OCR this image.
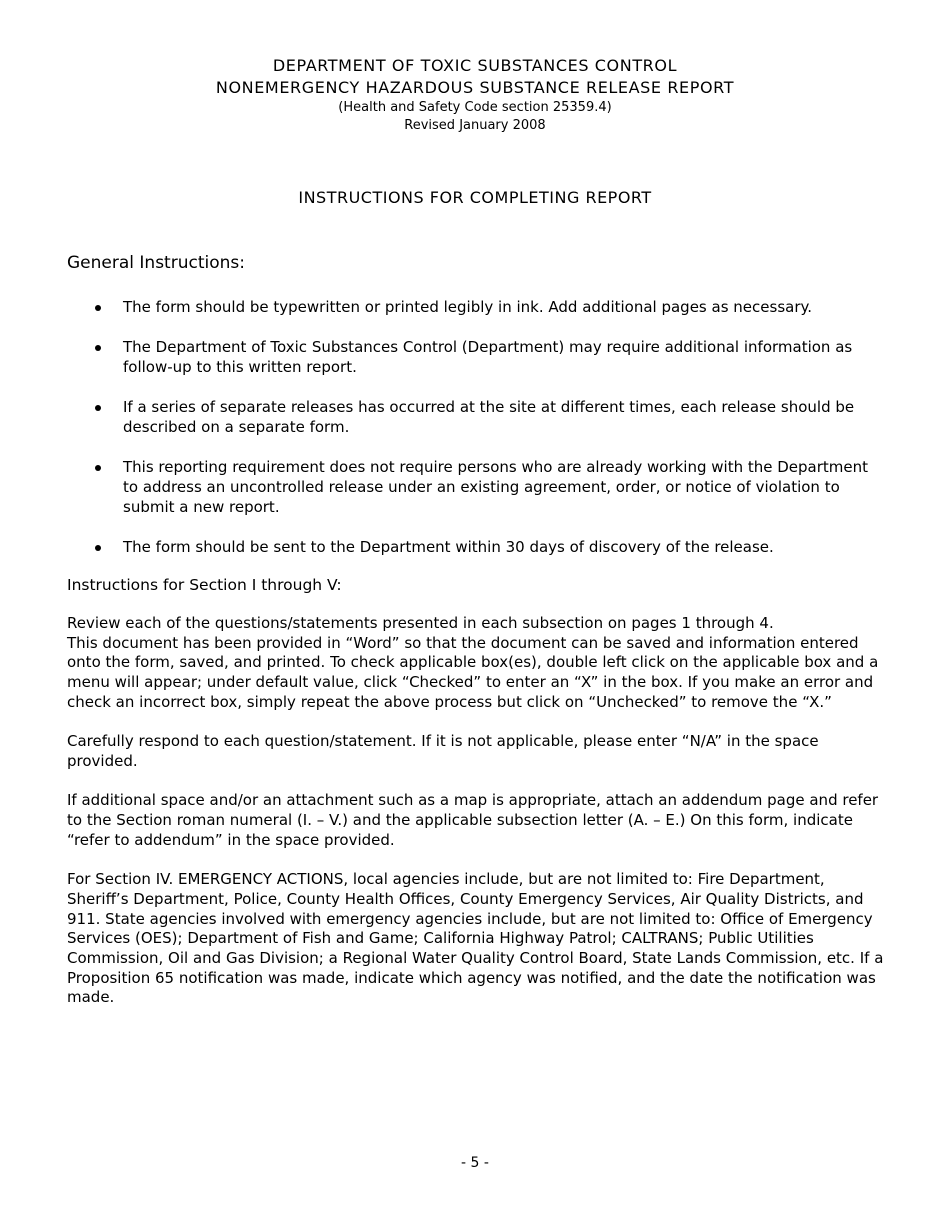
DEPARTMENT OF TOXIC SUBSTANCES CONTROL
NONEMERGENCY HAZARDOUS SUBSTANCE RELEASE REPORT
(Health and Safety Code section 25359.4)
Revised January 2008
INSTRUCTIONS FOR COMPLETING REPORT
General Instructions:
The form should be typewritten or printed legibly in ink. Add additional pages as necessary.
The Department of Toxic Substances Control (Department) may require additional information as follow-up to this written report.
If a series of separate releases has occurred at the site at different times, each release should be described on a separate form.
This reporting requirement does not require persons who are already working with the Department to address an uncontrolled release under an existing agreement, order, or notice of violation to submit a new report.
The form should be sent to the Department within 30 days of discovery of the release.
Instructions for Section I through V:

Review each of the questions/statements presented in each subsection on pages 1 through 4.

This document has been provided in “Word” so that the document can be saved and information entered onto the form, saved, and printed. To check applicable box(es), double left click on the applicable box and a menu will appear; under default value, click “Checked” to enter an “X” in the box. If you make an error and check an incorrect box, simply repeat the above process but click on “Unchecked” to remove the “X.”

Carefully respond to each question/statement. If it is not applicable, please enter “N/A” in the space provided.

If additional space and/or an attachment such as a map is appropriate, attach an addendum page and refer to the Section roman numeral (I. – V.) and the applicable subsection letter (A. – E.) On this form, indicate “refer to addendum” in the space provided.

For Section IV. EMERGENCY ACTIONS, local agencies include, but are not limited to: Fire Department, Sheriff’s Department, Police, County Health Offices, County Emergency Services, Air Quality Districts, and 911. State agencies involved with emergency agencies include, but are not limited to: Office of Emergency Services (OES); Department of Fish and Game; California Highway Patrol; CALTRANS; Public Utilities Commission, Oil and Gas Division; a Regional Water Quality Control Board, State Lands Commission, etc. If a Proposition 65 notification was made, indicate which agency was notified, and the date the notification was made.

- 5 -
